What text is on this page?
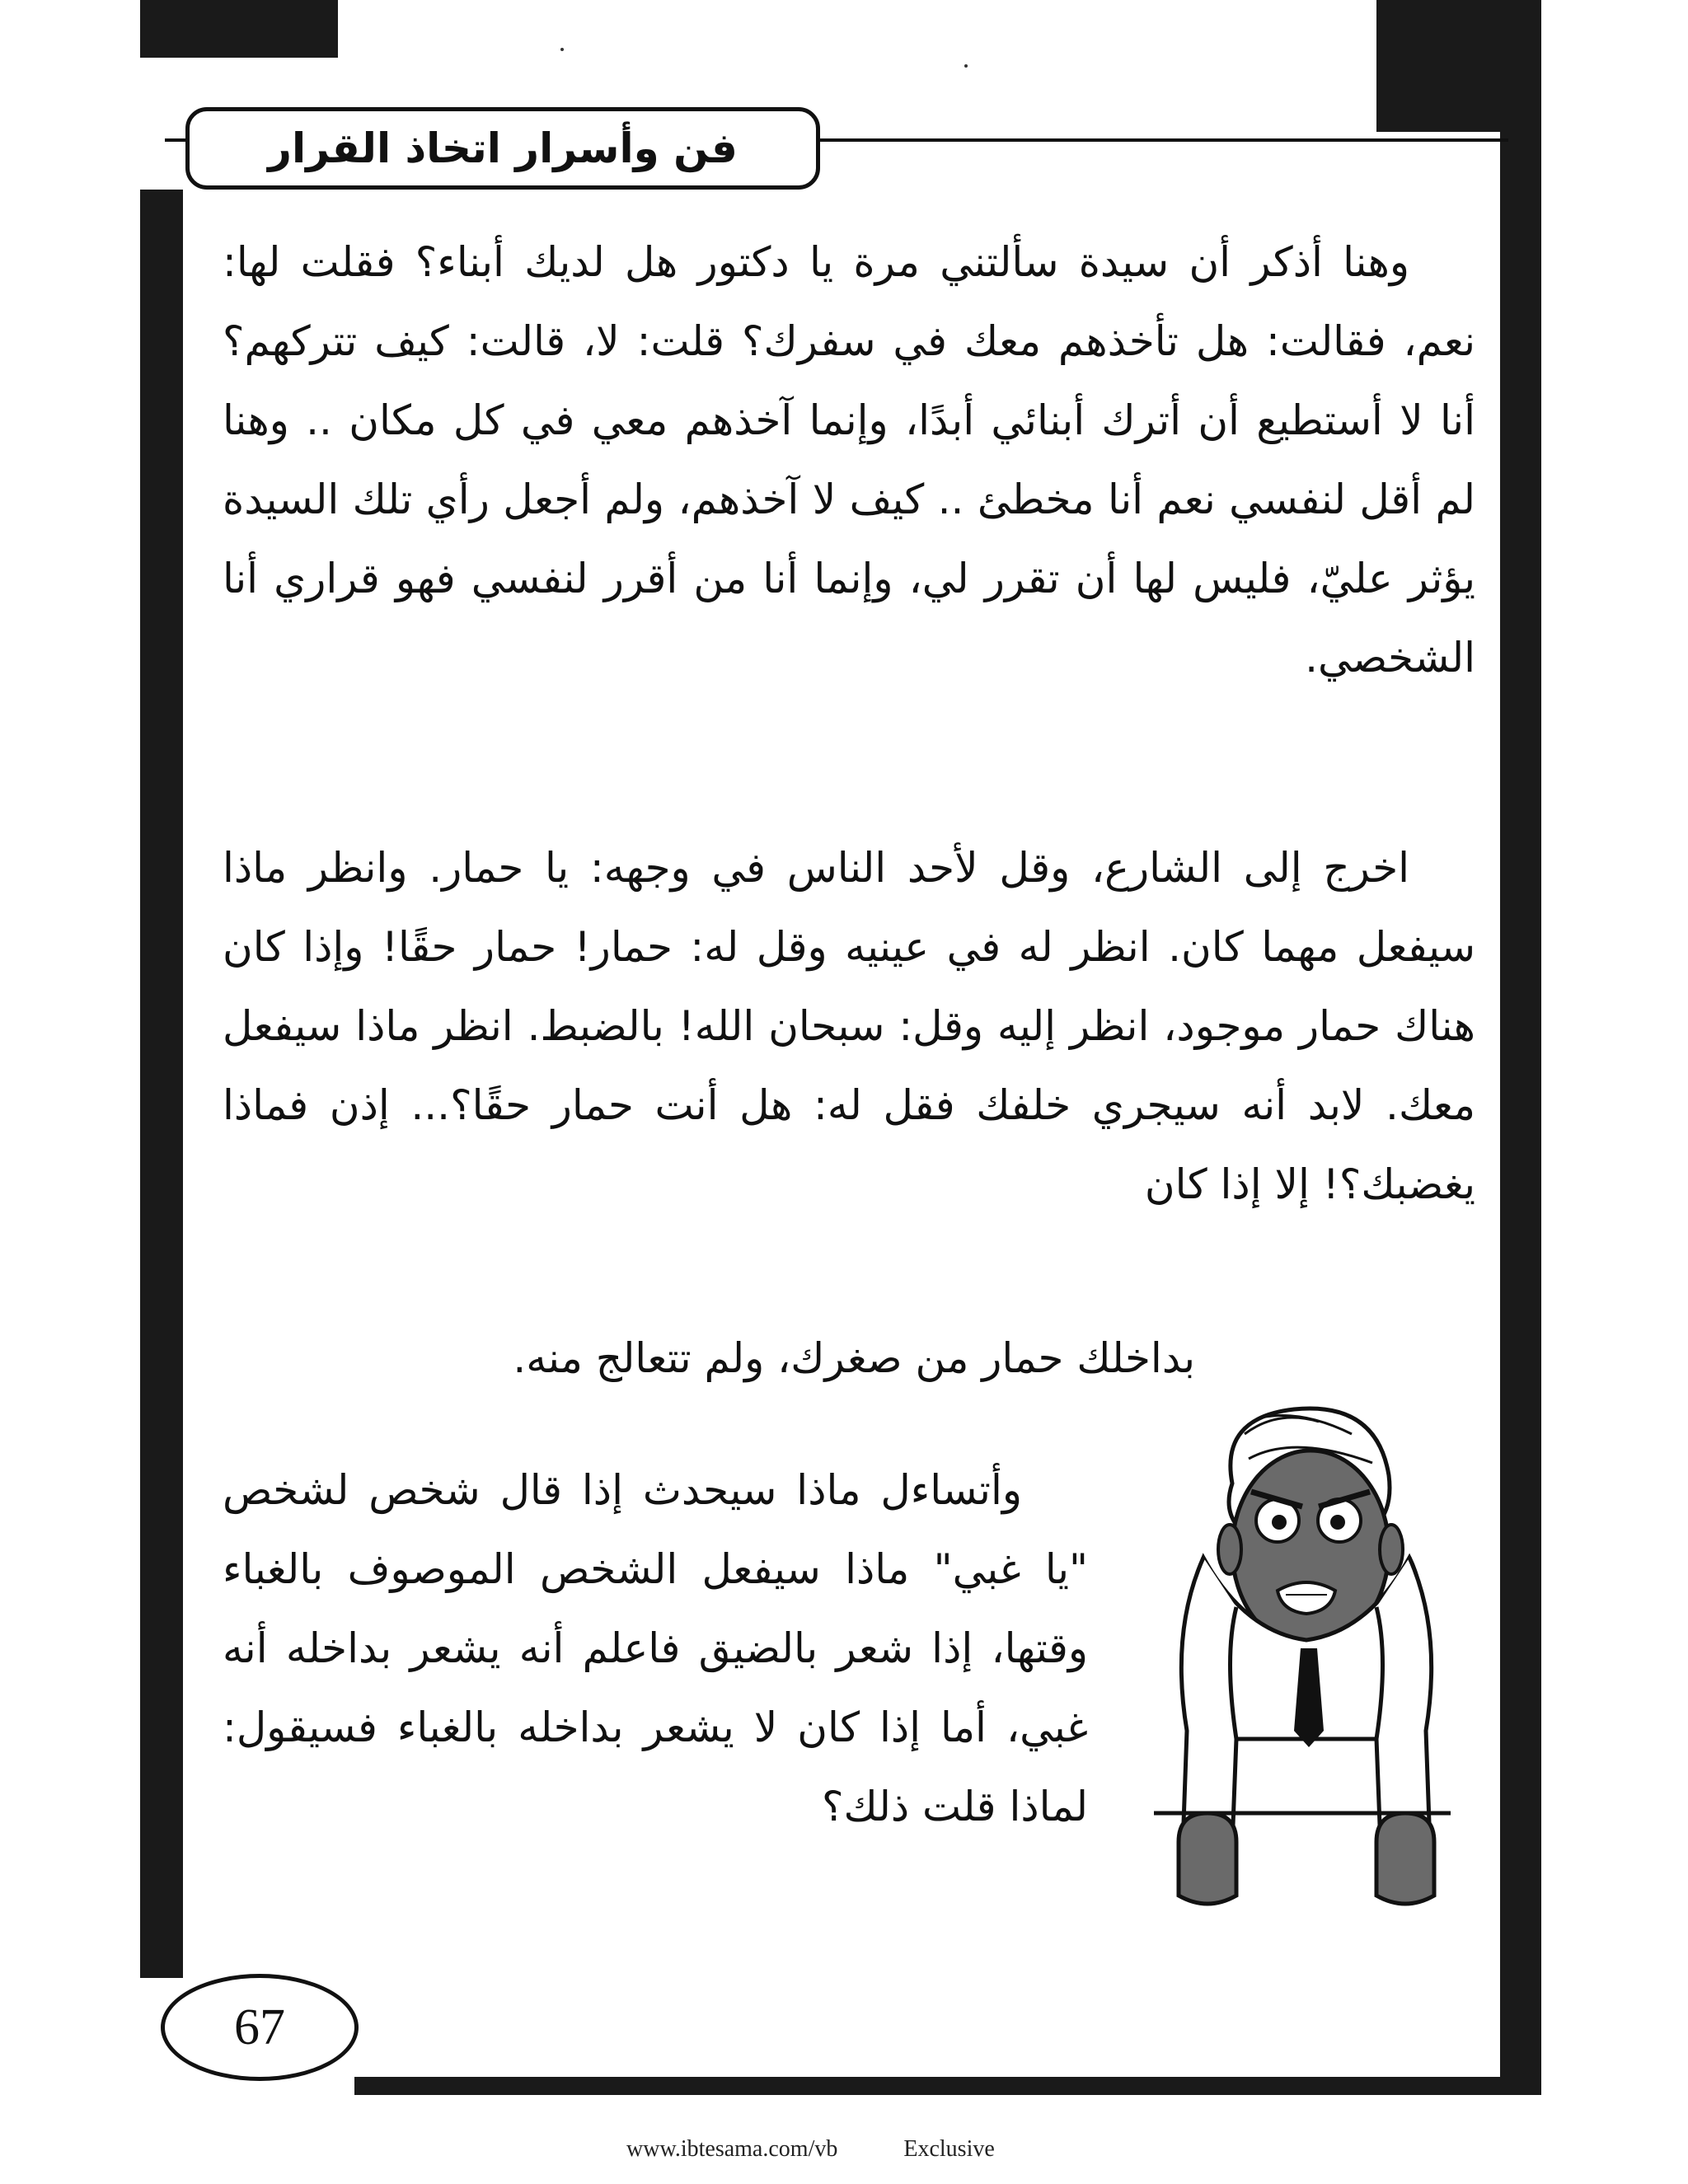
فن وأسرار اتخاذ القرار

وهنا أذكر أن سيدة سألتني مرة يا دكتور هل لديك أبناء؟ فقلت لها: نعم، فقالت: هل تأخذهم معك في سفرك؟ قلت: لا، قالت: كيف تتركهم؟ أنا لا أستطيع أن أترك أبنائي أبدًا، وإنما آخذهم معي في كل مكان .. وهنا لم أقل لنفسي نعم أنا مخطئ .. كيف لا آخذهم، ولم أجعل رأي تلك السيدة يؤثر عليّ، فليس لها أن تقرر لي، وإنما أنا من أقرر لنفسي فهو قراري أنا الشخصي.

اخرج إلى الشارع، وقل لأحد الناس في وجهه: يا حمار. وانظر ماذا سيفعل مهما كان. انظر له في عينيه وقل له: حمار! حمار حقًا! وإذا كان هناك حمار موجود، انظر إليه وقل: سبحان الله! بالضبط. انظر ماذا سيفعل معك. لابد أنه سيجري خلفك فقل له: هل أنت حمار حقًا؟... إذن فماذا يغضبك؟! إلا إذا كان

بداخلك حمار من صغرك، ولم تتعالج منه.

وأتساءل ماذا سيحدث إذا قال شخص لشخص "يا غبي" ماذا سيفعل الشخص الموصوف بالغباء وقتها، إذا شعر بالضيق فاعلم أنه يشعر بداخله أنه غبي، أما إذا كان لا يشعر بداخله بالغباء فسيقول: لماذا قلت ذلك؟

67
www.ibtesama.com/vb	Exclusive
